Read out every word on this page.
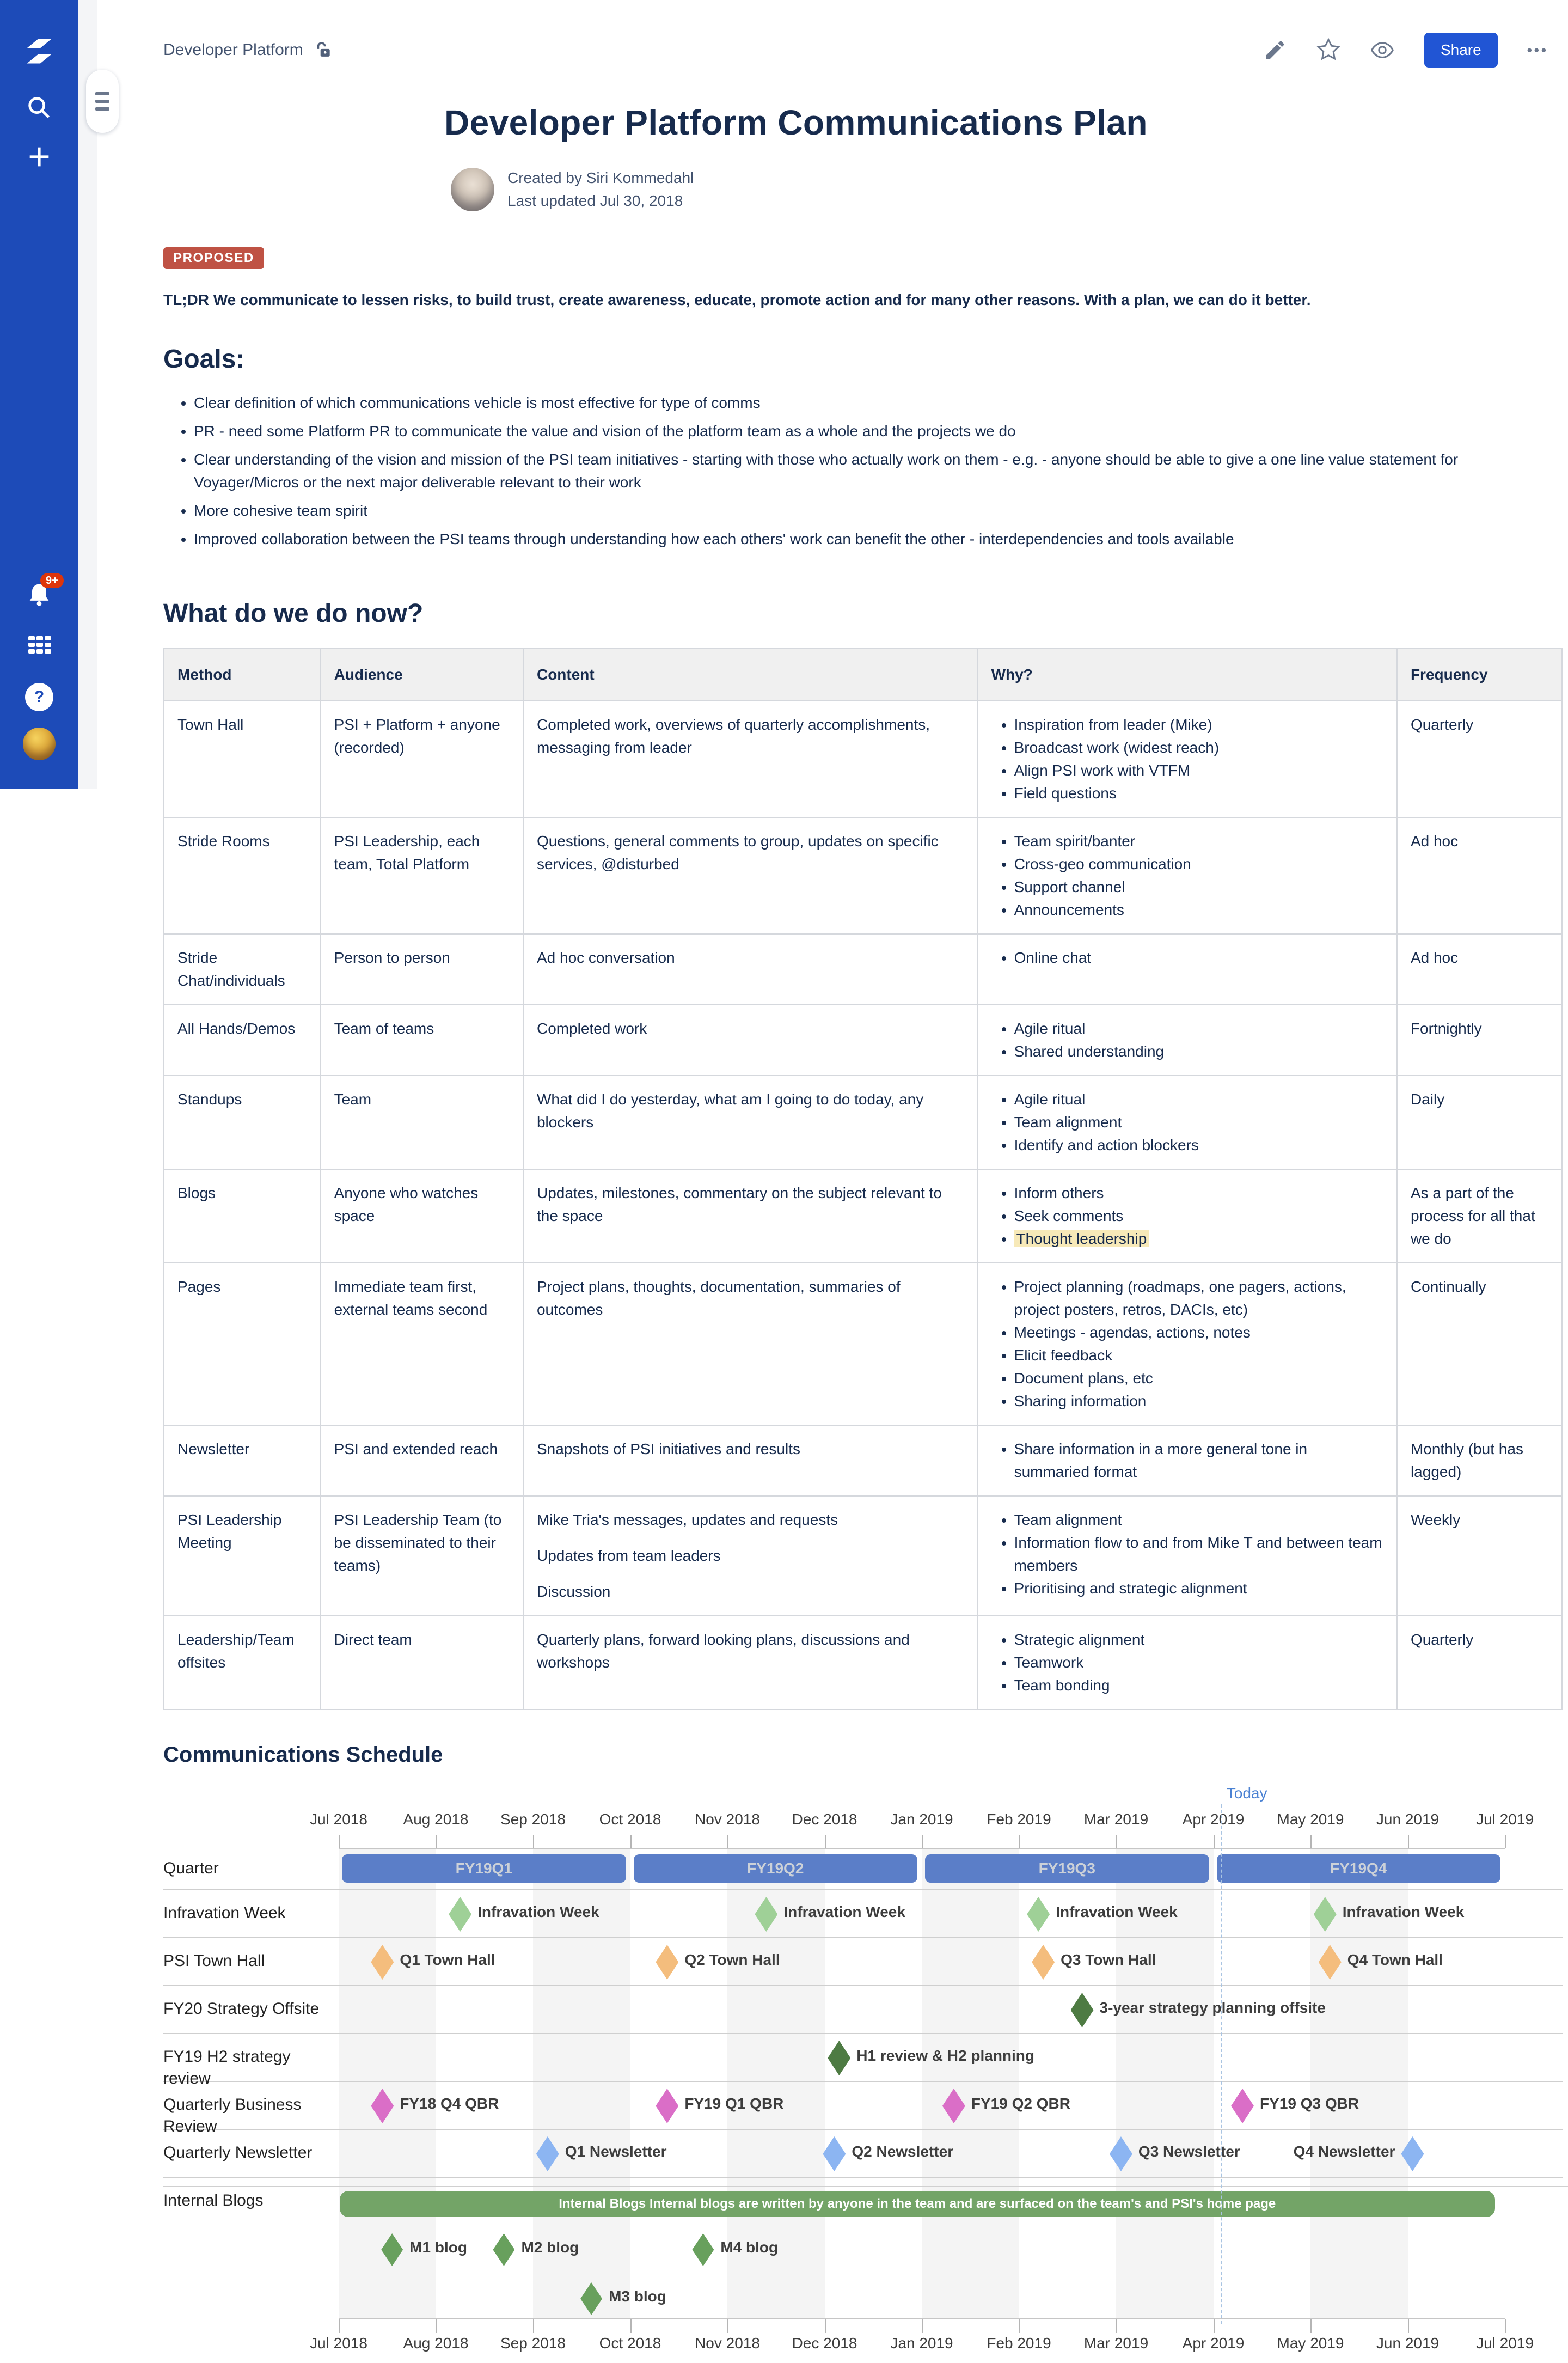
9+
?
Developer Platform	Share	•••
Developer Platform Communications Plan
Created by Siri Kommedahl
Last updated Jul 30, 2018
PROPOSED

TL;DR We communicate to lessen risks, to build trust, create awareness, educate, promote action and for many other reasons. With a plan, we can do it better.

Goals:
• Clear definition of which communications vehicle is most effective for type of comms
• PR - need some Platform PR to communicate the value and vision of the platform team as a whole and the projects we do
• Clear understanding of the vision and mission of the PSI team initiatives - starting with those who actually work on them - e.g. - anyone should be able to give a one line value statement for Voyager/Micros or the next major deliverable relevant to their work
• More cohesive team spirit
• Improved collaboration between the PSI teams through understanding how each others' work can benefit the other - interdependencies and tools available
What do we do now?
Method	Audience	Content	Why?	Frequency
Town Hall	PSI + Platform + anyone (recorded)	

Completed work, overviews of quarterly accomplishments, messaging from leader

• Inspiration from leader (Mike)
• Broadcast work (widest reach)
• Align PSI work with VTFM
• Field questions
	Quarterly
Stride Rooms	PSI Leadership, each team, Total Platform	

Questions, general comments to group, updates on specific services, @disturbed

• Team spirit/banter
• Cross-geo communication
• Support channel
• Announcements
	Ad hoc
Stride Chat/individuals	Person to person	Ad hoc conversation

•Online chat	Ad hoc
All Hands/Demos	Team of teams	Completed work

•Agile ritual
• Shared understanding
	Fortnightly
Standups	Team	What did I do yesterday, what am I going to do today, any blockers

• Agile ritual
• Team alignment
• Identify and action blockers
	Daily
Blogs	Anyone who watches space	

Updates, milestones, commentary on the subject relevant to the space

• Inform others
• Seek comments
• Thought leadership
	As a part of the process for all that we do
Pages	Immediate team first, external teams second	

Project plans, thoughts, documentation, summaries of outcomes

• Project planning (roadmaps, one pagers, actions, project posters, retros, DACIs, etc)
• Meetings - agendas, actions, notes
• Elicit feedback
• Document plans, etc
• Sharing information
	Continually
Newsletter	PSI and extended reach	Snapshots of PSI initiatives and results

•Share information in a more general tone in summaried format
	Monthly (but has lagged)
PSI Leadership Meeting	PSI Leadership Team (to be disseminated to their teams)	

Mike Tria's messages, updates and requests

Updates from team leaders

Discussion

• Team alignment
• Information flow to and from Mike T and between team members
• Prioritising and strategic alignment
	Weekly
Leadership/Team offsites	Direct team	Quarterly plans, forward looking plans, discussions and workshops

• Strategic alignment
• Teamwork
• Team bonding
	Quarterly
Communications Schedule
Jul 2018	Aug 2018	Sep 2018	Oct 2018	Nov 2018	Dec 2018	Jan 2019	Feb 2019	Mar 2019	Apr 2019	May 2019	Jun 2019	Jul 2019
Quarter	FY19Q1	FY19Q2	FY19Q3	FY19Q4
Infravation Week	Infravation Week	Infravation Week	Infravation Week	Infravation Week
PSI Town Hall	Q1 Town Hall	Q2 Town Hall	Q3 Town Hall	Q4 Town Hall
FY20 Strategy Offsite	3-year strategy planning offsite
FY19 H2 strategy review
H1 review & H2 planning
Quarterly Business Review
FY18 Q4 QBR	FY19 Q1 QBR	FY19 Q2 QBR	FY19 Q3 QBR
Quarterly Newsletter	Q1 Newsletter	Q2 Newsletter	Q3 Newsletter	Q4 Newsletter
Internal Blogs	Internal Blogs Internal blogs are written by anyone in the team and are surfaced on the team's and PSI's home page
M1 blog	M2 blog	M4 blog
M3 blog
Jul 2018	Aug 2018	Sep 2018	Oct 2018	Nov 2018	Dec 2018	Jan 2019	Feb 2019	Mar 2019	Apr 2019	May 2019	Jun 2019	Jul 2019
Today
